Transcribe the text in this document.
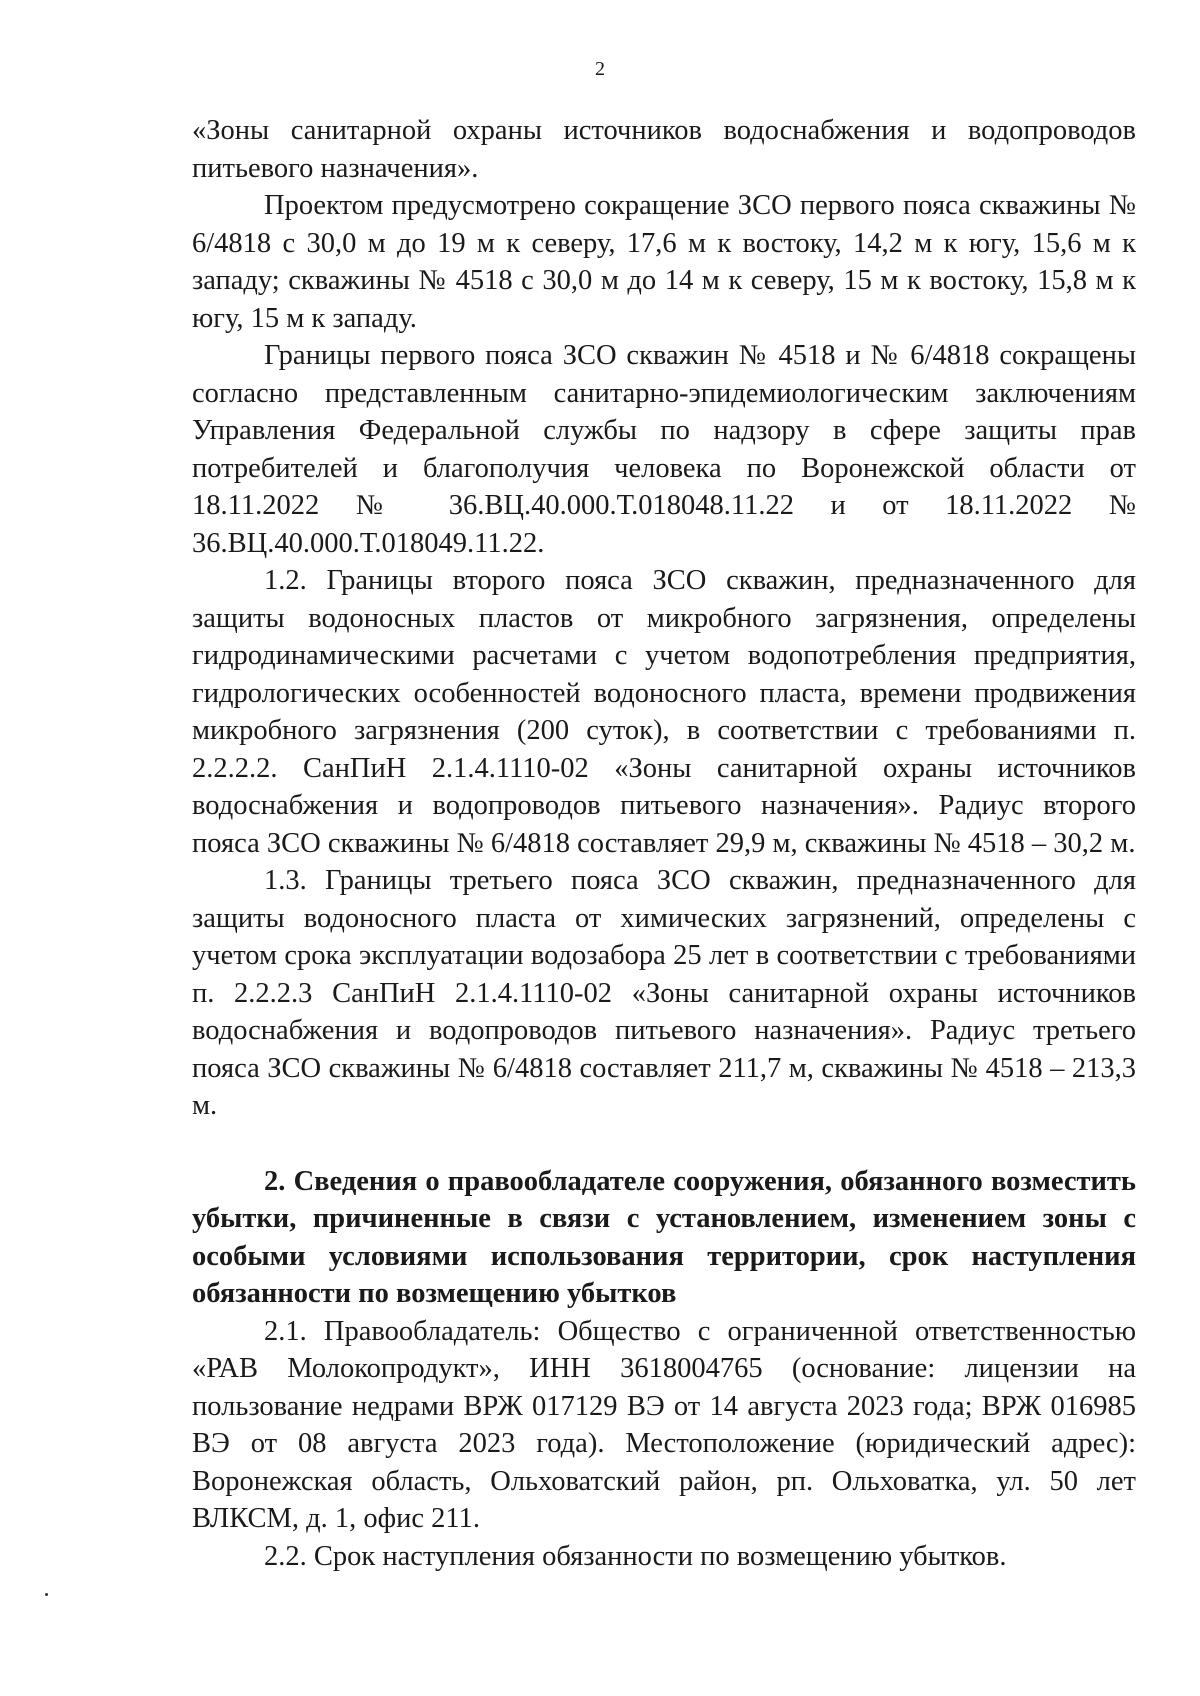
2

«Зоны санитарной охраны источников водоснабжения и водопроводов питьевого назначения».

Проектом предусмотрено сокращение ЗСО первого пояса скважины № 6/4818 с 30,0 м до 19 м к северу, 17,6 м к востоку, 14,2 м к югу, 15,6 м к западу; скважины № 4518 с 30,0 м до 14 м к северу, 15 м к востоку, 15,8 м к югу, 15 м к западу.

Границы первого пояса ЗСО скважин № 4518 и № 6/4818 сокращены согласно представленным санитарно-эпидемиологическим заключениям Управления Федеральной службы по надзору в сфере защиты прав потребителей и благополучия человека по Воронежской области от 18.11.2022 № 36.ВЦ.40.000.Т.018048.11.22 и от 18.11.2022 № 36.ВЦ.40.000.Т.018049.11.22.

1.2. Границы второго пояса ЗСО скважин, предназначенного для защиты водоносных пластов от микробного загрязнения, определены гидродинамическими расчетами с учетом водопотребления предприятия, гидрологических особенностей водоносного пласта, времени продвижения микробного загрязнения (200 суток), в соответствии с требованиями п. 2.2.2.2. СанПиН 2.1.4.1110-02 «Зоны санитарной охраны источников водоснабжения и водопроводов питьевого назначения». Радиус второго пояса ЗСО скважины № 6/4818 составляет 29,9 м, скважины № 4518 – 30,2 м.

1.3. Границы третьего пояса ЗСО скважин, предназначенного для защиты водоносного пласта от химических загрязнений, определены с учетом срока эксплуатации водозабора 25 лет в соответствии с требованиями п. 2.2.2.3 СанПиН 2.1.4.1110-02 «Зоны санитарной охраны источников водоснабжения и водопроводов питьевого назначения». Радиус третьего пояса ЗСО скважины № 6/4818 составляет 211,7 м, скважины № 4518 – 213,3 м.

2. Сведения о правообладателе сооружения, обязанного возместить убытки, причиненные в связи с установлением, изменением зоны с особыми условиями использования территории, срок наступления обязанности по возмещению убытков

2.1. Правообладатель: Общество с ограниченной ответственностью «РАВ Молокопродукт», ИНН 3618004765 (основание: лицензии на пользование недрами ВРЖ 017129 ВЭ от 14 августа 2023 года; ВРЖ 016985 ВЭ от 08 августа 2023 года). Местоположение (юридический адрес): Воронежская область, Ольховатский район, рп. Ольховатка, ул. 50 лет ВЛКСМ, д. 1, офис 211.

2.2. Срок наступления обязанности по возмещению убытков.
